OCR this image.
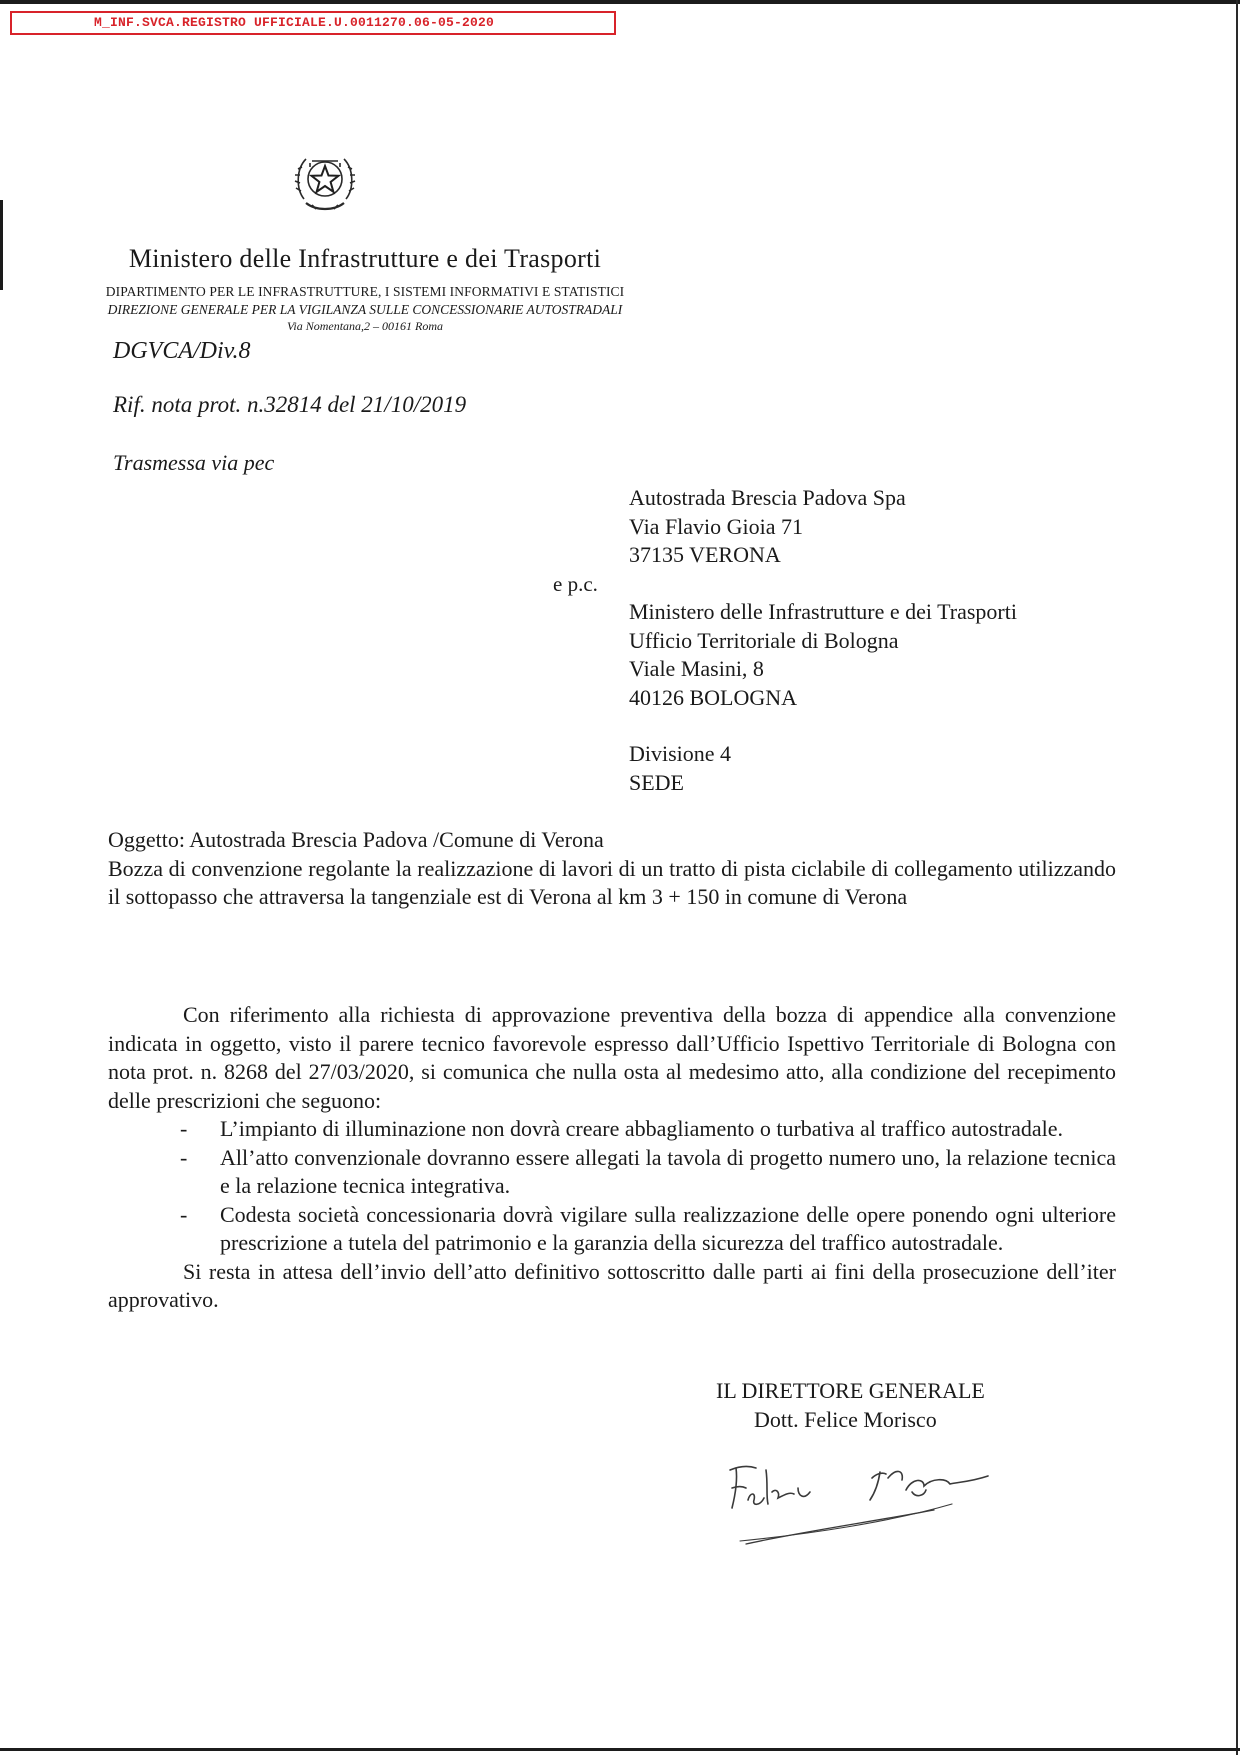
M_INF.SVCA.REGISTRO UFFICIALE.U.0011270.06-05-2020
Ministero delle Infrastrutture e dei Trasporti
DIPARTIMENTO PER LE INFRASTRUTTURE, I SISTEMI INFORMATIVI E STATISTICI
DIREZIONE GENERALE PER LA VIGILANZA SULLE CONCESSIONARIE AUTOSTRADALI
Via Nomentana,2 – 00161 Roma
DGVCA/Div.8
Rif. nota prot. n.32814 del 21/10/2019
Trasmessa via pec
Autostrada Brescia Padova Spa
Via Flavio Gioia 71
37135 VERONA
e p.c.
Ministero delle Infrastrutture e dei Trasporti
Ufficio Territoriale di Bologna
Viale Masini, 8
40126 BOLOGNA
Divisione 4
SEDE
Oggetto: Autostrada Brescia Padova /Comune di Verona
Bozza di convenzione regolante la realizzazione di lavori di un tratto di pista ciclabile di collegamento utilizzando il sottopasso che attraversa la tangenziale est di Verona al km 3 + 150 in comune di Verona

Con riferimento alla richiesta di approvazione preventiva della bozza di appendice alla convenzione indicata in oggetto, visto il parere tecnico favorevole espresso dall’Ufficio Ispettivo Territoriale di Bologna con nota prot. n. 8268 del 27/03/2020, si comunica che nulla osta al medesimo atto, alla condizione del recepimento delle prescrizioni che seguono:

- L’impianto di illuminazione non dovrà creare abbagliamento o turbativa al traffico autostradale.
- All’atto convenzionale dovranno essere allegati la tavola di progetto numero uno, la relazione tecnica e la relazione tecnica integrativa.
- Codesta società concessionaria dovrà vigilare sulla realizzazione delle opere ponendo ogni ulteriore prescrizione a tutela del patrimonio e la garanzia della sicurezza del traffico autostradale.

Si resta in attesa dell’invio dell’atto definitivo sottoscritto dalle parti ai fini della prosecuzione dell’iter approvativo.

IL DIRETTORE GENERALE
Dott. Felice Morisco
